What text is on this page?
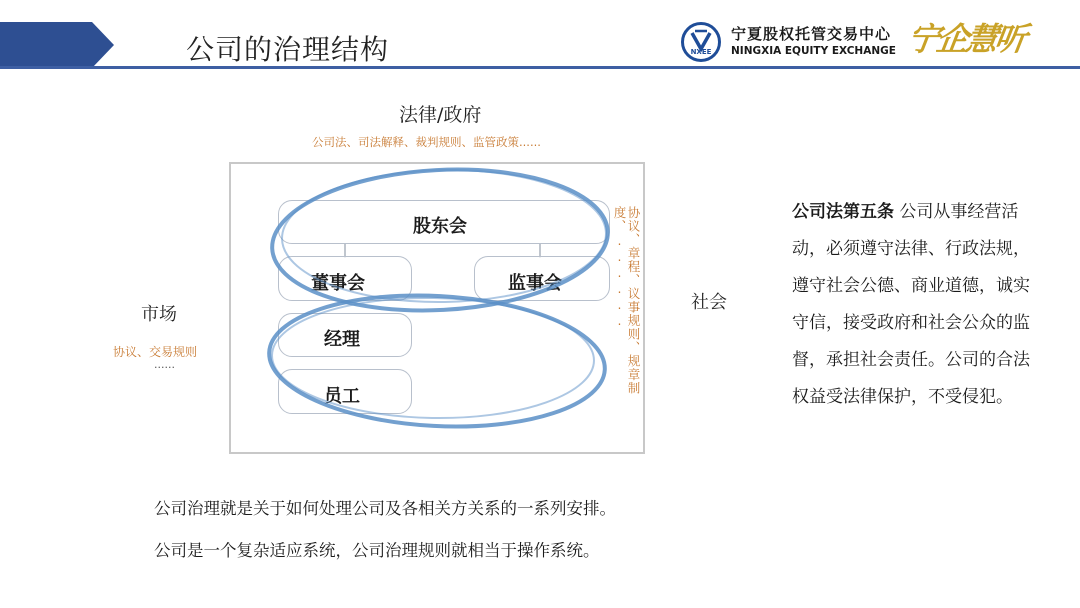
公司的治理结构	NXEE
宁夏股权托管交易中心
NINGXIA EQUITY EXCHANGE 宁企慧听
法律/政府
公司法、司法解释、裁判规则、监管政策......
市场
协议、交易规则
......
社会
股东会
董事会	监事会
经理
员工
协议、章程、议事规则、规章制度、......	公司法第五条 公司从事经营活动，必须遵守法律、行政法规，遵守社会公德、商业道德，诚实守信，接受政府和社会公众的监督，承担社会责任。公司的合法权益受法律保护，不受侵犯。
公司治理就是关于如何处理公司及各相关方关系的一系列安排。
公司是一个复杂适应系统，公司治理规则就相当于操作系统。
